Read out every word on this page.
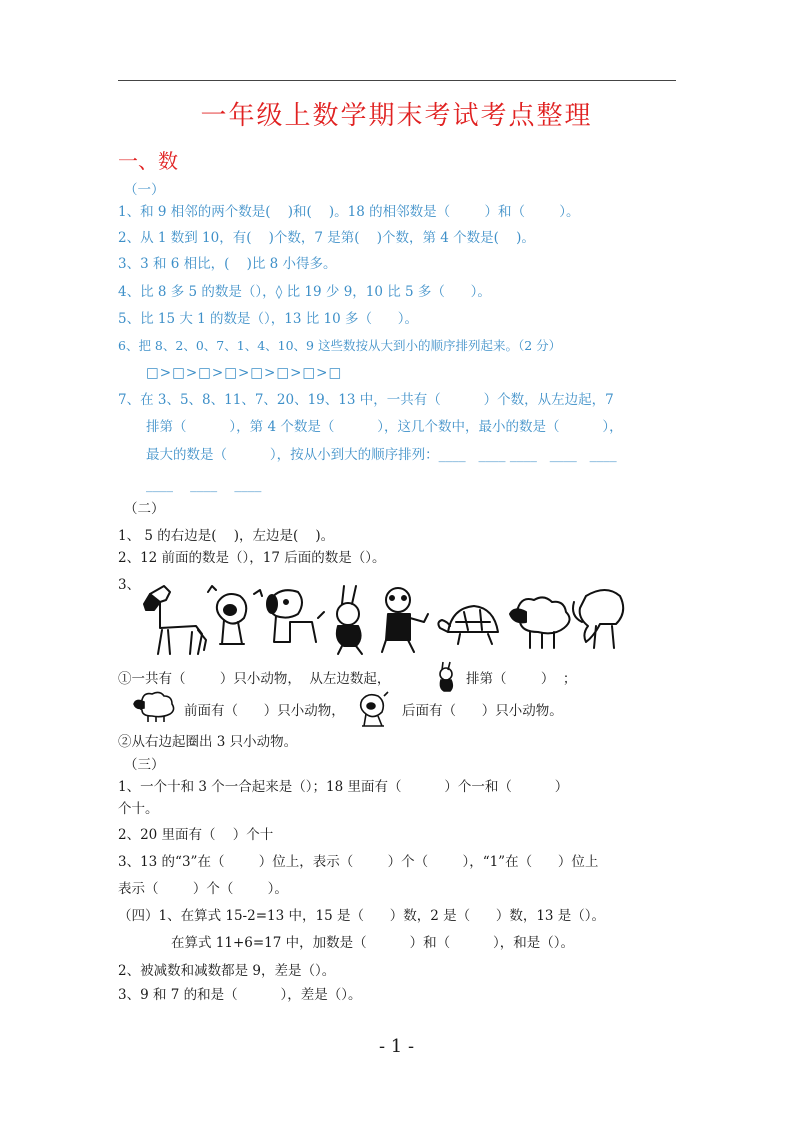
一年级上数学期末考试考点整理
一、数
（一）
1、和 9 相邻的两个数是(    )和(    )。18 的相邻数是（        ）和（        ）。
2、从 1 数到 10，有(    )个数，7 是第(    )个数，第 4 个数是(    )。
3、3 和 6 相比，(    )比 8 小得多。
4、比 8 多 5 的数是（），◊ 比 19 少 9，10 比 5 多（      ）。
5、比 15 大 1 的数是（），13 比 10 多（      ）。
6、把 8、2、0、7、1、4、10、9 这些数按从大到小的顺序排列起来。（2 分）
□>□>□>□>□>□>□>□
7、在 3、5、8、11、7、20、19、13 中，一共有（          ）个数，从左边起，7
排第（          ），第 4 个数是（          ），这几个数中，最小的数是（          ），
最大的数是（          ），按从小到大的顺序排列：____   ____ ____   ____   ____
____    ____    ____
（二）
1、 5 的右边是(    )，左边是(    )。
2、12 前面的数是（），17 后面的数是（）。
3、
①一共有（        ）只小动物，  从左边数起，	排第（        ）  ；
前面有（      ）只小动物，	后面有（      ）只小动物。
②从右边起圈出 3 只小动物。
（三）
1、一个十和 3 个一合起来是（）；18 里面有（          ）个一和（          ）
个十。
2、20 里面有（    ）个十
3、13 的“3”在（        ）位上，表示（        ）个（        ），“1”在（      ）位上
表示（        ）个（        ）。
（四）1、在算式 15-2=13 中，15 是（      ）数，2 是（      ）数，13 是（）。
在算式 11+6=17 中，加数是（          ）和（          ），和是（）。
2、被减数和减数都是 9，差是（）。
3、9 和 7 的和是（          ），差是（）。
- 1 -
